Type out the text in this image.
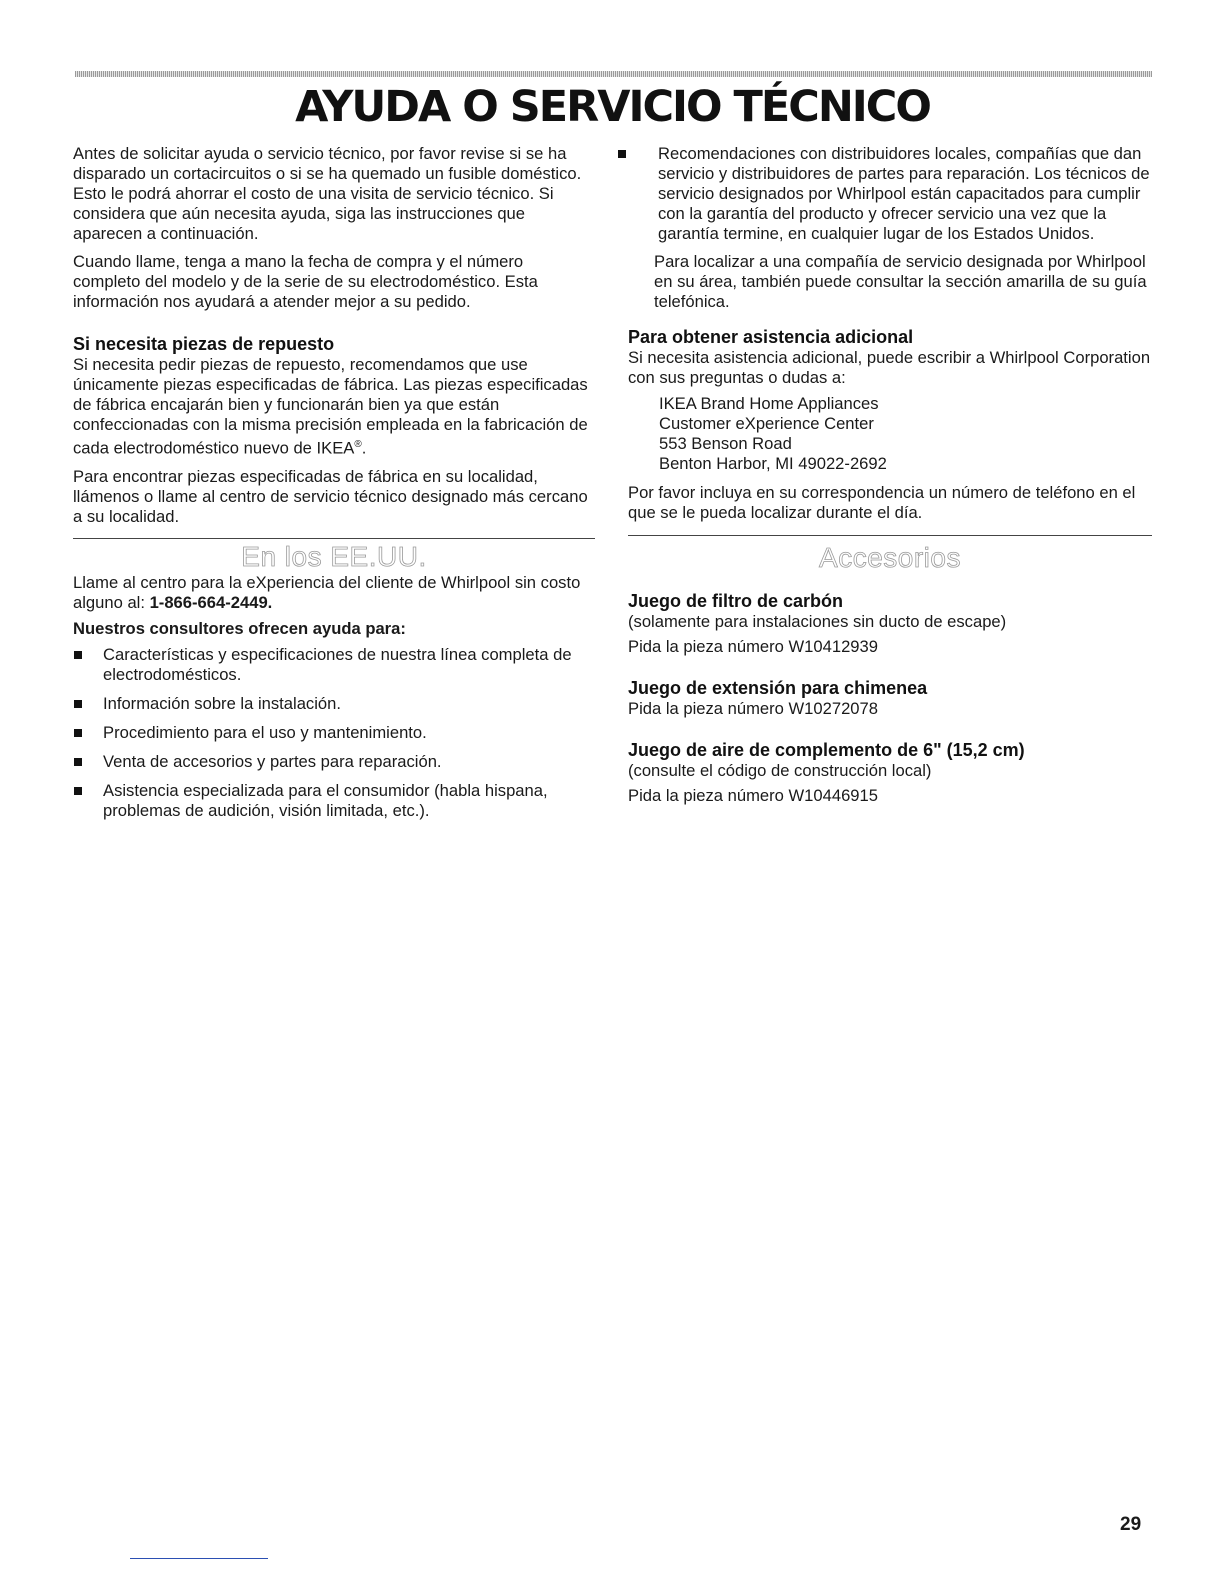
AYUDA O SERVICIO TÉCNICO

Antes de solicitar ayuda o servicio técnico, por favor revise si se ha disparado un cortacircuitos o si se ha quemado un fusible doméstico. Esto le podrá ahorrar el costo de una visita de servicio técnico. Si considera que aún necesita ayuda, siga las instrucciones que aparecen a continuación.

Cuando llame, tenga a mano la fecha de compra y el número completo del modelo y de la serie de su electrodoméstico. Esta información nos ayudará a atender mejor a su pedido.

Si necesita piezas de repuesto

Si necesita pedir piezas de repuesto, recomendamos que use únicamente piezas especificadas de fábrica. Las piezas especificadas de fábrica encajarán bien y funcionarán bien ya que están confeccionadas con la misma precisión empleada en la fabricación de cada electrodoméstico nuevo de IKEA®.

Para encontrar piezas especificadas de fábrica en su localidad, llámenos o llame al centro de servicio técnico designado más cercano a su localidad.

En los EE.UU.

Llame al centro para la eXperiencia del cliente de Whirlpool sin costo alguno al: 1-866-664-2449.

Nuestros consultores ofrecen ayuda para:
Características y especificaciones de nuestra línea completa de electrodomésticos.
Información sobre la instalación.
Procedimiento para el uso y mantenimiento.
Venta de accesorios y partes para reparación.
Asistencia especializada para el consumidor (habla hispana, problemas de audición, visión limitada, etc.).
Recomendaciones con distribuidores locales, compañías que dan servicio y distribuidores de partes para reparación. Los técnicos de servicio designados por Whirlpool están capacitados para cumplir con la garantía del producto y ofrecer servicio una vez que la garantía termine, en cualquier lugar de los Estados Unidos.

Para localizar a una compañía de servicio designada por Whirlpool en su área, también puede consultar la sección amarilla de su guía telefónica.

Para obtener asistencia adicional

Si necesita asistencia adicional, puede escribir a Whirlpool Corporation con sus preguntas o dudas a:

IKEA Brand Home Appliances
Customer eXperience Center
553 Benson Road
Benton Harbor, MI 49022-2692

Por favor incluya en su correspondencia un número de teléfono en el que se le pueda localizar durante el día.

Accesorios
Juego de filtro de carbón

(solamente para instalaciones sin ducto de escape)

Pida la pieza número W10412939

Juego de extensión para chimenea

Pida la pieza número W10272078

Juego de aire de complemento de 6" (15,2 cm)

(consulte el código de construcción local)

Pida la pieza número W10446915

29
